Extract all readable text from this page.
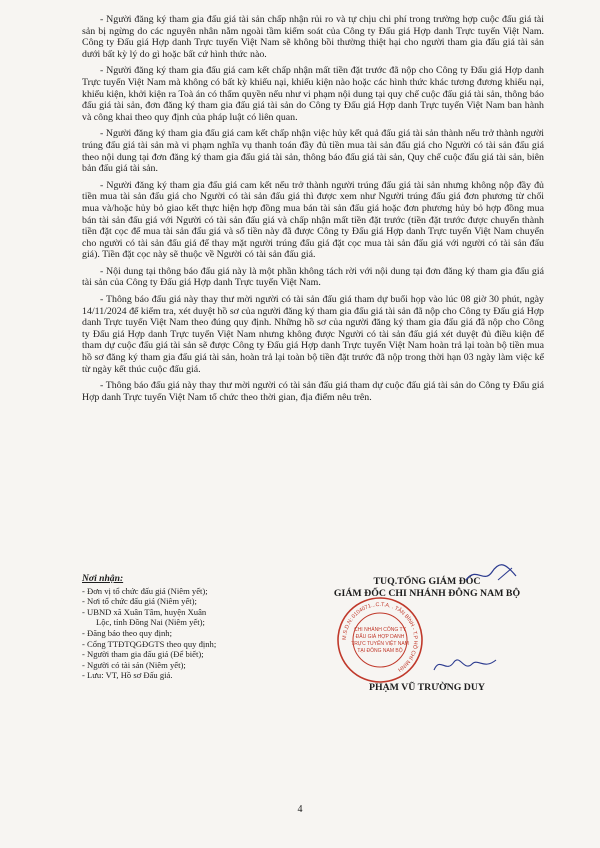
- Người đăng ký tham gia đấu giá tài sản chấp nhận rủi ro và tự chịu chi phí trong trường hợp cuộc đấu giá tài sản bị ngừng do các nguyên nhân nằm ngoài tầm kiểm soát của Công ty Đấu giá Hợp danh Trực tuyến Việt Nam. Công ty Đấu giá Hợp danh Trực tuyến Việt Nam sẽ không bồi thường thiệt hại cho người tham gia đấu giá tài sản dưới bất kỳ lý do gì hoặc bất cứ hình thức nào.

- Người đăng ký tham gia đấu giá cam kết chấp nhận mất tiền đặt trước đã nộp cho Công ty Đấu giá Hợp danh Trực tuyến Việt Nam mà không có bất kỳ khiếu nại, khiếu kiện nào hoặc các hình thức khác tương đương khiếu nại, khiếu kiện, khởi kiện ra Toà án có thẩm quyền nếu như vi phạm nội dung tại quy chế cuộc đấu giá tài sản, thông báo đấu giá tài sản, đơn đăng ký tham gia đấu giá tài sản do Công ty Đấu giá Hợp danh Trực tuyến Việt Nam ban hành và công khai theo quy định của pháp luật có liên quan.

- Người đăng ký tham gia đấu giá cam kết chấp nhận việc hủy kết quả đấu giá tài sản thành nếu trở thành người trúng đấu giá tài sản mà vi phạm nghĩa vụ thanh toán đầy đủ tiền mua tài sản đấu giá cho Người có tài sản đấu giá theo nội dung tại đơn đăng ký tham gia đấu giá tài sản, thông báo đấu giá tài sản, Quy chế cuộc đấu giá tài sản, biên bản đấu giá tài sản.

- Người đăng ký tham gia đấu giá cam kết nếu trở thành người trúng đấu giá tài sản nhưng không nộp đầy đủ tiền mua tài sản đấu giá cho Người có tài sản đấu giá thì được xem như Người trúng đấu giá đơn phương từ chối mua và/hoặc hủy bỏ giao kết thực hiện hợp đồng mua bán tài sản đấu giá hoặc đơn phương hủy bỏ hợp đồng mua bán tài sản đấu giá với Người có tài sản đấu giá và chấp nhận mất tiền đặt trước (tiền đặt trước được chuyển thành tiền đặt cọc để mua tài sản đấu giá và số tiền này đã được Công ty Đấu giá Hợp danh Trực tuyến Việt Nam chuyển cho người có tài sản đấu giá để thay mặt người trúng đấu giá đặt cọc mua tài sản đấu giá với người có tài sản đấu giá). Tiền đặt cọc này sẽ thuộc về Người có tài sản đấu giá.

- Nội dung tại thông báo đấu giá này là một phần không tách rời với nội dung tại đơn đăng ký tham gia đấu giá tài sản của Công ty Đấu giá Hợp danh Trực tuyến Việt Nam.

- Thông báo đấu giá này thay thư mời người có tài sản đấu giá tham dự buổi họp vào lúc 08 giờ 30 phút, ngày 14/11/2024 để kiểm tra, xét duyệt hồ sơ của người đăng ký tham gia đấu giá tài sản đã nộp cho Công ty Đấu giá Hợp danh Trực tuyến Việt Nam theo đúng quy định. Những hồ sơ của người đăng ký tham gia đấu giá đã nộp cho Công ty Đấu giá Hợp danh Trực tuyến Việt Nam nhưng không được Người có tài sản đấu giá xét duyệt đủ điều kiện để tham dự cuộc đấu giá tài sản sẽ được Công ty Đấu giá Hợp danh Trực tuyến Việt Nam hoàn trả lại toàn bộ tiền mua hồ sơ đăng ký tham gia đấu giá tài sản, hoàn trả lại toàn bộ tiền đặt trước đã nộp trong thời hạn 03 ngày làm việc kể từ ngày kết thúc cuộc đấu giá.

- Thông báo đấu giá này thay thư mời người có tài sản đấu giá tham dự cuộc đấu giá tài sản do Công ty Đấu giá Hợp danh Trực tuyến Việt Nam tổ chức theo thời gian, địa điểm nêu trên.

Nơi nhận:
- Đơn vị tổ chức đấu giá (Niêm yết);
- Nơi tổ chức đấu giá (Niêm yết);
- UBND xã Xuân Tâm, huyện Xuân
Lộc, tỉnh Đồng Nai (Niêm yết);
- Đăng báo theo quy định;
- Cổng TTĐTQGĐGTS theo quy định;
- Người tham gia đấu giá (Để biết);
- Người có tài sản (Niêm yết);
- Lưu: VT, Hồ sơ Đấu giá.
TUQ.TỔNG GIÁM ĐỐC
GIÁM ĐỐC CHI NHÁNH ĐÔNG NAM BỘ
M.S.D.N: 0104071...C.T.A. . TÂN BÌNH - T.P HỒ CHÍ MINH
CHI NHÁNH CÔNG TY
ĐẤU GIÁ HỢP DANH
TRỰC TUYẾN VIỆT NAM
TẠI ĐÔNG NAM BỘ
PHẠM VŨ TRƯỜNG DUY
4
